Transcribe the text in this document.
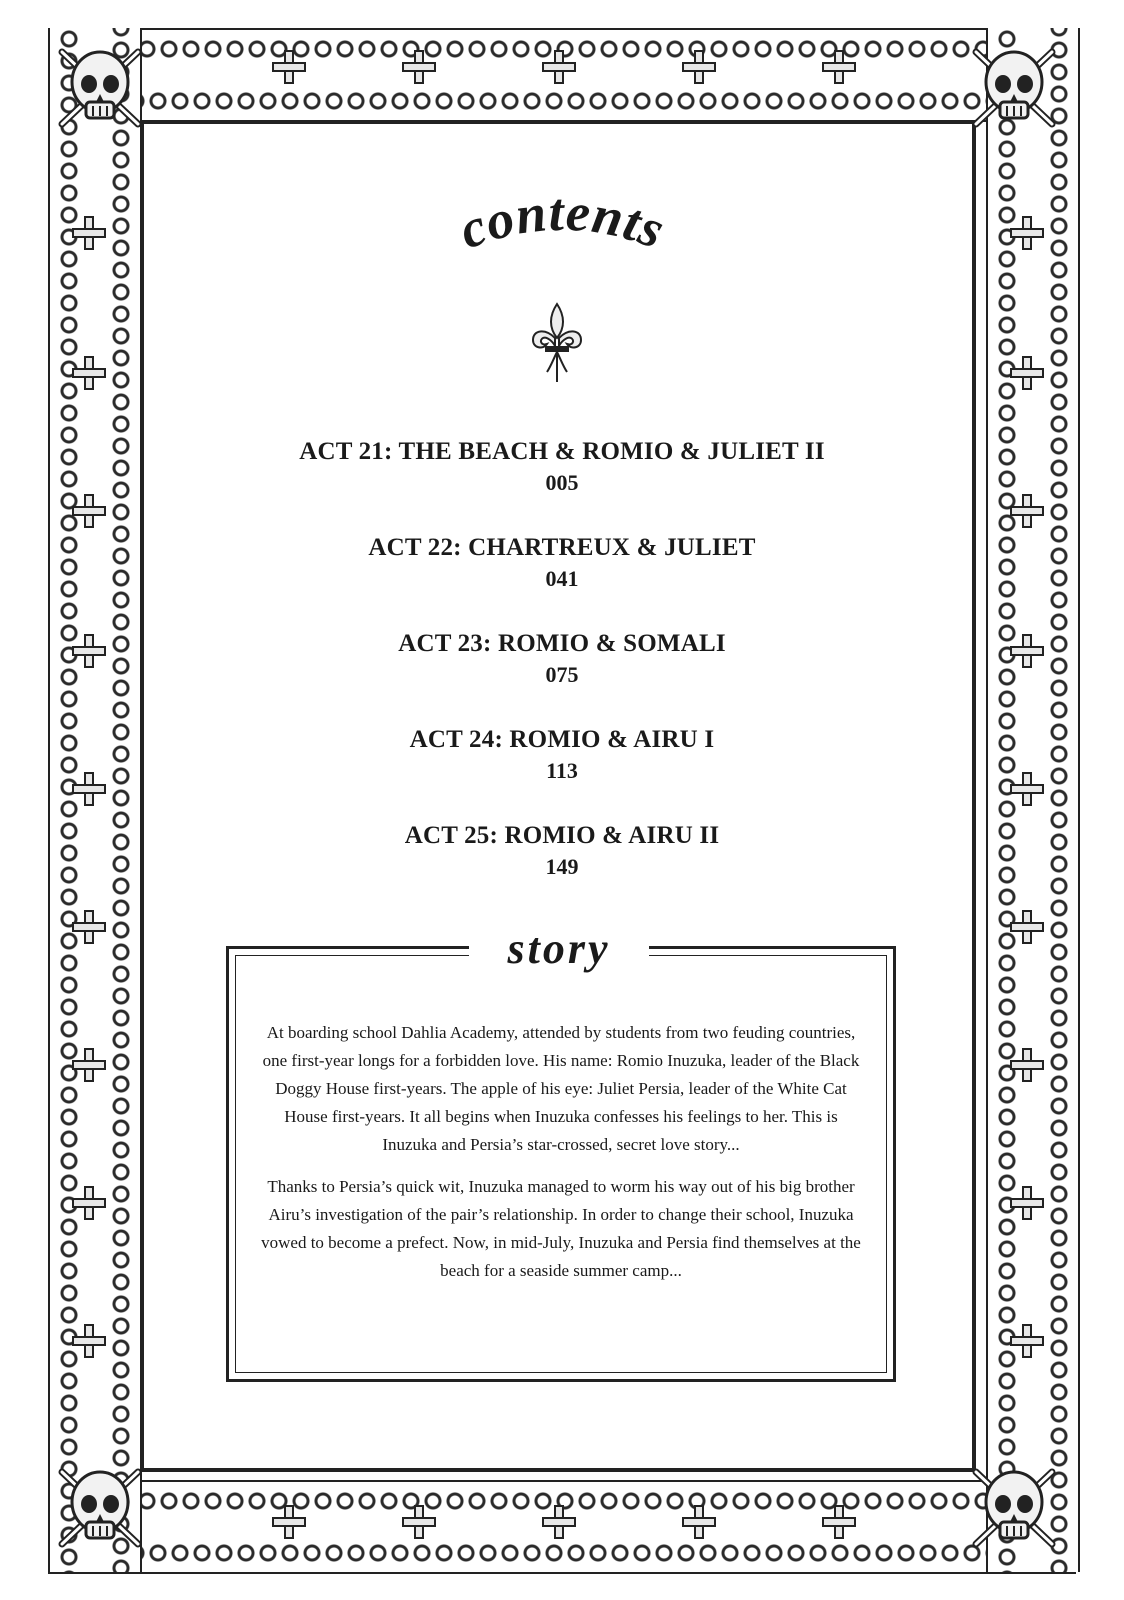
contents
ACT 21: THE BEACH & ROMIO & JULIET II
005
ACT 22: CHARTREUX & JULIET
041
ACT 23: ROMIO & SOMALI
075
ACT 24: ROMIO & AIRU I
113
ACT 25: ROMIO & AIRU II
149
story

At boarding school Dahlia Academy, attended by students from two feuding countries, one first-year longs for a forbidden love. His name: Romio Inuzuka, leader of the Black Doggy House first-years. The apple of his eye: Juliet Persia, leader of the White Cat House first-years. It all begins when Inuzuka confesses his feelings to her. This is Inuzuka and Persia’s star-crossed, secret love story...

Thanks to Persia’s quick wit, Inuzuka managed to worm his way out of his big brother Airu’s investigation of the pair’s relationship. In order to change their school, Inuzuka vowed to become a prefect. Now, in mid-July, Inuzuka and Persia find themselves at the beach for a seaside summer camp...
